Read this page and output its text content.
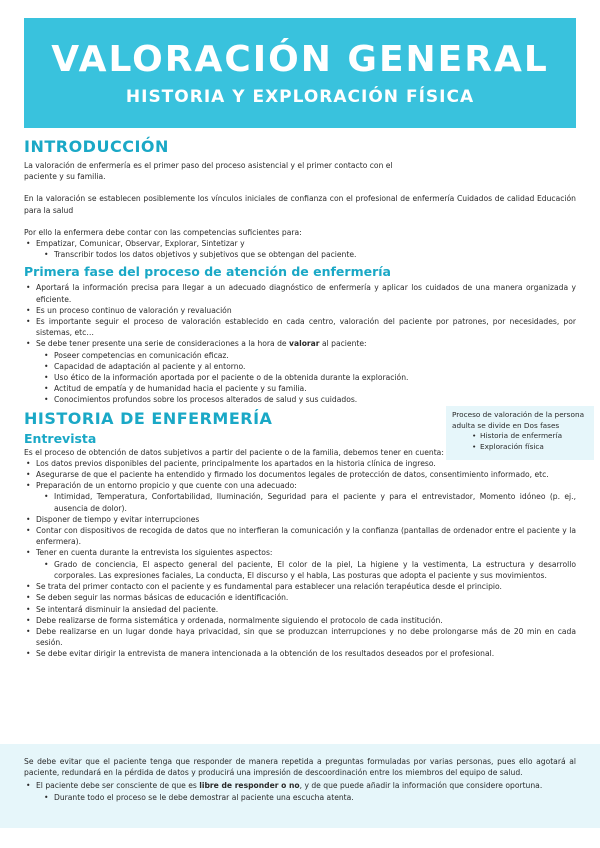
VALORACIÓN GENERAL
HISTORIA Y EXPLORACIÓN FÍSICA
INTRODUCCIÓN

La valoración de enfermería es el primer paso del proceso asistencial y el primer contacto con el paciente y su familia.

En la valoración se establecen posiblemente los vínculos iniciales de confianza con el profesional de enfermería Cuidados de calidad Educación para la salud

Por ello la enfermera debe contar con las competencias suficientes para:

• Empatizar, Comunicar, Observar, Explorar, Sintetizar y
• Transcribir todos los datos objetivos y subjetivos que se obtengan del paciente.
Primera fase del proceso de atención de enfermería
• Aportará la información precisa para llegar a un adecuado diagnóstico de enfermería y aplicar los cuidados de una manera organizada y eficiente.
• Es un proceso continuo de valoración y revaluación
• Es importante seguir el proceso de valoración establecido en cada centro, valoración del paciente por patrones, por necesidades, por sistemas, etc…
• Se debe tener presente una serie de consideraciones a la hora de valorar al paciente:
• Poseer competencias en comunicación eficaz.
• Capacidad de adaptación al paciente y al entorno.
• Uso ético de la información aportada por el paciente o de la obtenida durante la exploración.
• Actitud de empatía y de humanidad hacia el paciente y su familia.
• Conocimientos profundos sobre los procesos alterados de salud y sus cuidados.
HISTORIA DE ENFERMERÍA
Entrevista

Es el proceso de obtención de datos subjetivos a partir del paciente o de la familia, debemos tener en cuenta:

• Los datos previos disponibles del paciente, principalmente los apartados en la historia clínica de ingreso.
• Asegurarse de que el paciente ha entendido y firmado los documentos legales de protección de datos, consentimiento informado, etc.
• Preparación de un entorno propicio y que cuente con una adecuado:
• Intimidad, Temperatura, Confortabilidad, Iluminación, Seguridad para el paciente y para el entrevistador, Momento idóneo (p. ej., ausencia de dolor).
• Disponer de tiempo y evitar interrupciones
• Contar con dispositivos de recogida de datos que no interfieran la comunicación y la confianza (pantallas de ordenador entre el paciente y la enfermera).
• Tener en cuenta durante la entrevista los siguientes aspectos:
• Grado de conciencia, El aspecto general del paciente, El color de la piel, La higiene y la vestimenta, La estructura y desarrollo corporales. Las expresiones faciales, La conducta, El discurso y el habla, Las posturas que adopta el paciente y sus movimientos.
• Se trata del primer contacto con el paciente y es fundamental para establecer una relación terapéutica desde el principio.
• Se deben seguir las normas básicas de educación e identificación.
• Se intentará disminuir la ansiedad del paciente.
• Debe realizarse de forma sistemática y ordenada, normalmente siguiendo el protocolo de cada institución.
• Debe realizarse en un lugar donde haya privacidad, sin que se produzcan interrupciones y no debe prolongarse más de 20 min en cada sesión.
• Se debe evitar dirigir la entrevista de manera intencionada a la obtención de los resultados deseados por el profesional.

Proceso de valoración de la persona adulta se divide en Dos fases

• Historia de enfermería
• Exploración física

Se debe evitar que el paciente tenga que responder de manera repetida a preguntas formuladas por varias personas, pues ello agotará al paciente, redundará en la pérdida de datos y producirá una impresión de descoordinación entre los miembros del equipo de salud.

• El paciente debe ser consciente de que es libre de responder o no, y de que puede añadir la información que considere oportuna.
• Durante todo el proceso se le debe demostrar al paciente una escucha atenta.
